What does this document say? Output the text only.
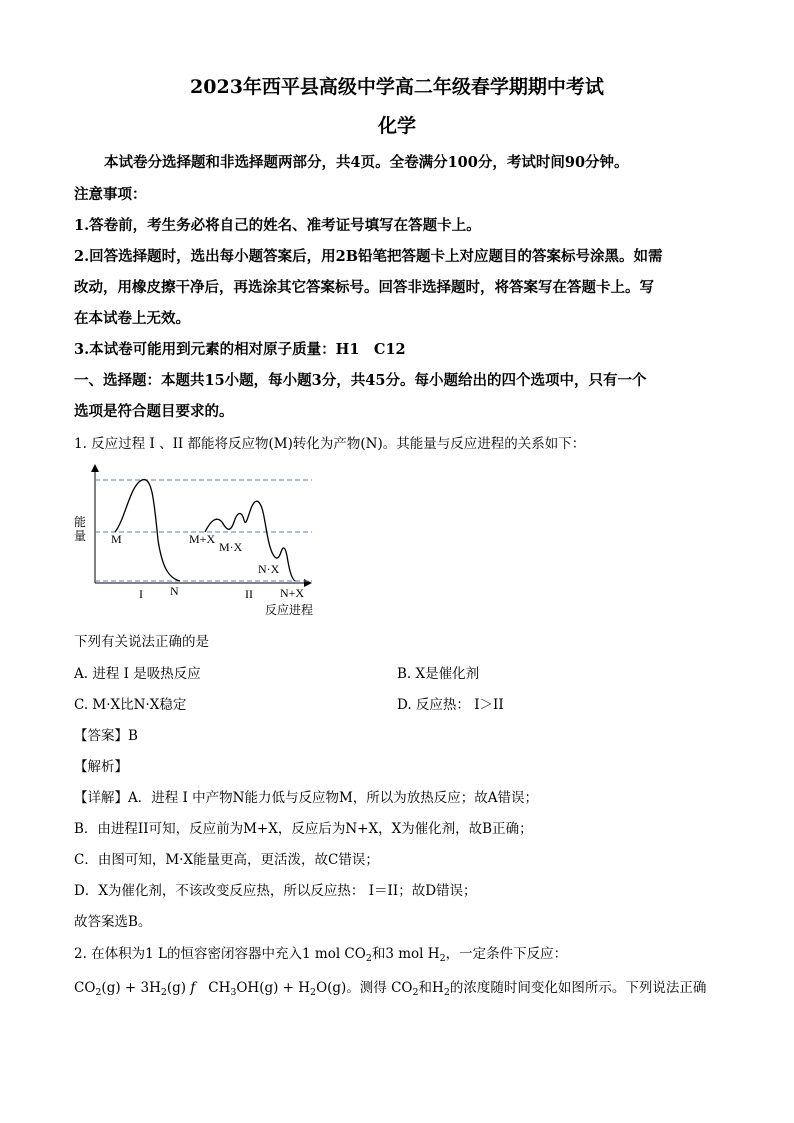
2023年西平县高级中学高二年级春学期期中考试
化学
本试卷分选择题和非选择题两部分，共4页。全卷满分100分，考试时间90分钟。
注意事项：
1.答卷前，考生务必将自己的姓名、准考证号填写在答题卡上。
2.回答选择题时，选出每小题答案后，用2B铅笔把答题卡上对应题目的答案标号涂黑。如需
改动，用橡皮擦干净后，再选涂其它答案标号。回答非选择题时，将答案写在答题卡上。写
在本试卷上无效。
3.本试卷可能用到元素的相对原子质量：H1　C12
一、选择题：本题共15小题，每小题3分，共45分。每小题给出的四个选项中，只有一个
选项是符合题目要求的。
1. 反应过程 I 、II 都能将反应物(M)转化为产物(N)。其能量与反应进程的关系如下：
能
量 M
N
M+X
M·X
N·X
N+X
I	II
反应进程
下列有关说法正确的是
A. 进程 I 是吸热反应	B. X是催化剂
C. M·X比N·X稳定	D. 反应热： I＞II
【答案】B
【解析】
【详解】A．进程 I 中产物N能力低与反应物M，所以为放热反应；故A错误；
B．由进程II可知，反应前为M+X，反应后为N+X，X为催化剂，故B正确；
C．由图可知，M·X能量更高，更活泼，故C错误；
D．X为催化剂，不该改变反应热，所以反应热： I＝II；故D错误；
故答案选B。
2. 在体积为1 L的恒容密闭容器中充入1 mol $CO_2$和3 mol $H_2$，一定条件下反应：
$CO_2(g) + 3H_2(g)$ f $CH_3OH(g) + H_2O(g)$。测得 $CO_2$和$H_2$的浓度随时间变化如图所示。下列说法正确
